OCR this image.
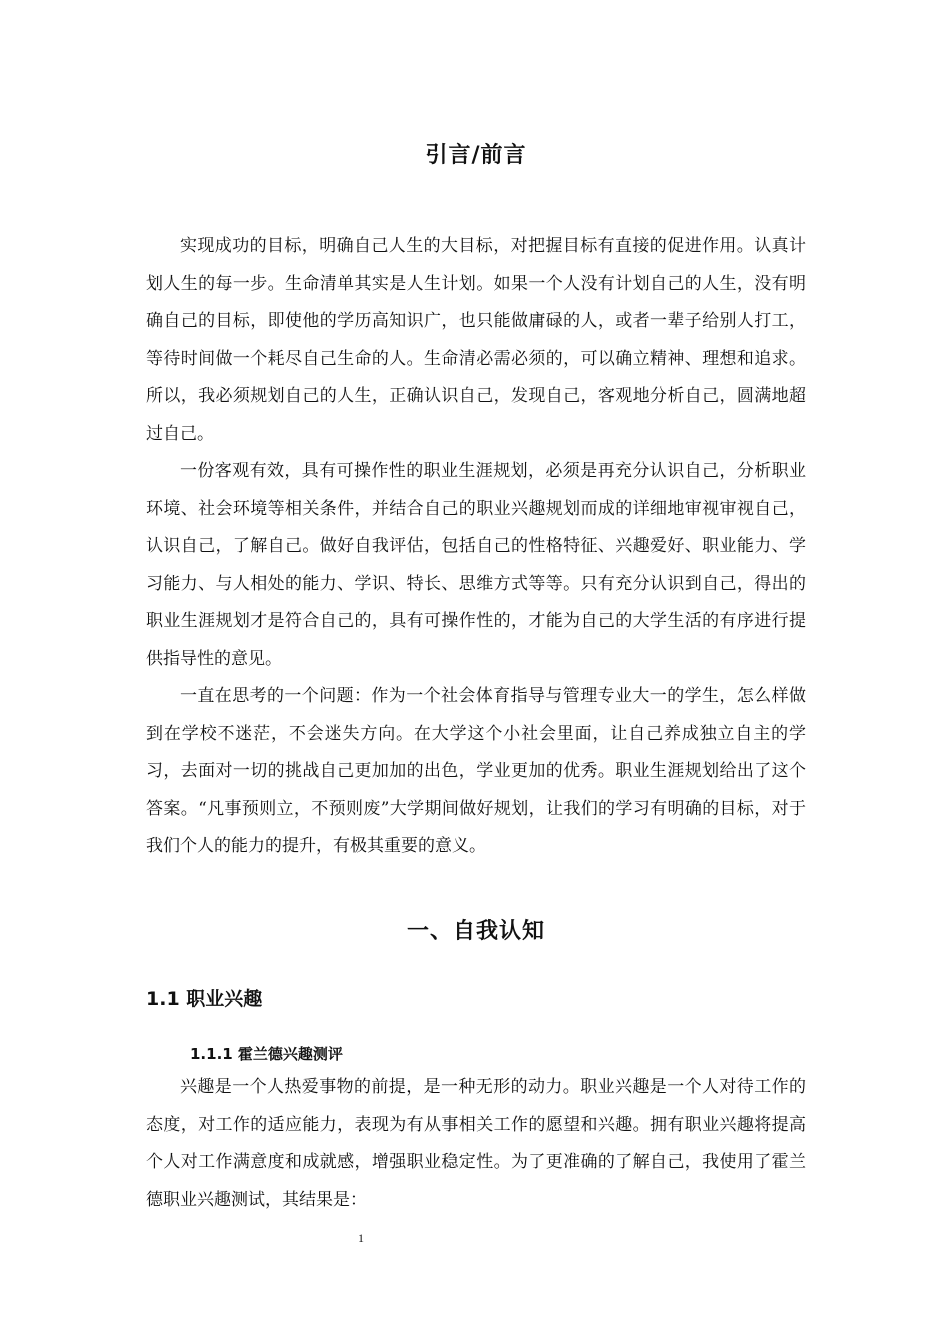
引言/前言

实现成功的目标，明确自己人生的大目标，对把握目标有直接的促进作用。认真计划人生的每一步。生命清单其实是人生计划。如果一个人没有计划自己的人生，没有明确自己的目标，即使他的学历高知识广，也只能做庸碌的人，或者一辈子给别人打工，等待时间做一个耗尽自己生命的人。生命清必需必须的，可以确立精神、理想和追求。所以，我必须规划自己的人生，正确认识自己，发现自己，客观地分析自己，圆满地超过自己。

一份客观有效，具有可操作性的职业生涯规划，必须是再充分认识自己，分析职业环境、社会环境等相关条件，并结合自己的职业兴趣规划而成的详细地审视审视自己，认识自己，了解自己。做好自我评估，包括自己的性格特征、兴趣爱好、职业能力、学习能力、与人相处的能力、学识、特长、思维方式等等。只有充分认识到自己，得出的职业生涯规划才是符合自己的，具有可操作性的，才能为自己的大学生活的有序进行提供指导性的意见。

一直在思考的一个问题：作为一个社会体育指导与管理专业大一的学生，怎么样做到在学校不迷茫，不会迷失方向。在大学这个小社会里面，让自己养成独立自主的学习，去面对一切的挑战自己更加加的出色，学业更加的优秀。职业生涯规划给出了这个答案。“凡事预则立，不预则废”大学期间做好规划，让我们的学习有明确的目标，对于我们个人的能力的提升，有极其重要的意义。

一、自我认知
1.1 职业兴趣
1.1.1 霍兰德兴趣测评

兴趣是一个人热爱事物的前提，是一种无形的动力。职业兴趣是一个人对待工作的态度，对工作的适应能力，表现为有从事相关工作的愿望和兴趣。拥有职业兴趣将提高个人对工作满意度和成就感，增强职业稳定性。为了更准确的了解自己，我使用了霍兰德职业兴趣测试，其结果是：

1
